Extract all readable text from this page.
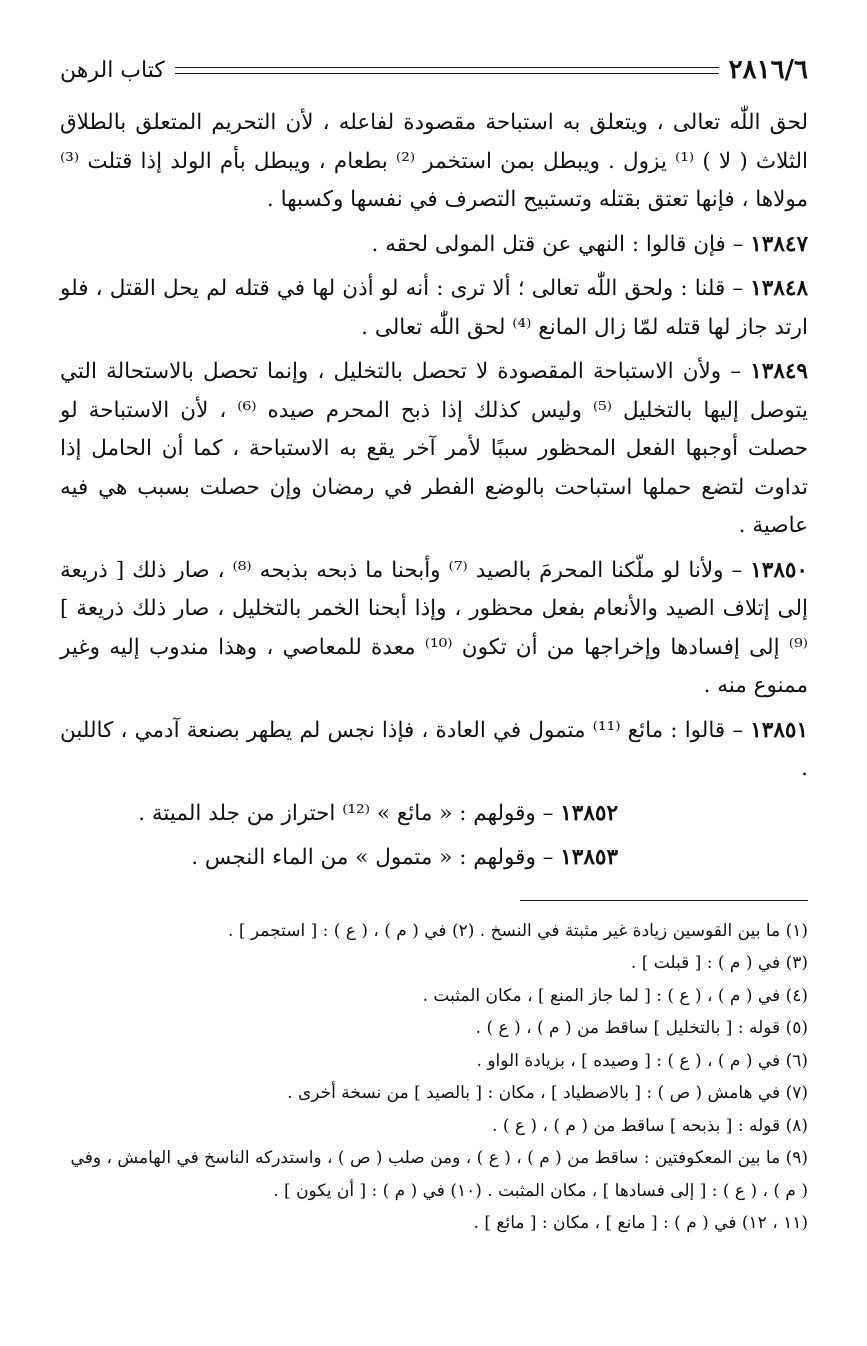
٢٨١٦/٦
كتاب الرهن

لحق اللّٰه تعالى ، ويتعلق به استباحة مقصودة لفاعله ، لأن التحريم المتعلق بالطلاق الثلاث ( لا ) ⁽¹⁾ يزول . ويبطل بمن استخمر ⁽²⁾ بطعام ، ويبطل بأم الولد إذا قتلت ⁽³⁾ مولاها ، فإنها تعتق بقتله وتستبيح التصرف في نفسها وكسبها .

١٣٨٤٧ – فإن قالوا : النهي عن قتل المولى لحقه .

١٣٨٤٨ – قلنا : ولحق اللّٰه تعالى ؛ ألا ترى : أنه لو أذن لها في قتله لم يحل القتل ، فلو ارتد جاز لها قتله لمّا زال المانع ⁽⁴⁾ لحق اللّٰه تعالى .

١٣٨٤٩ – ولأن الاستباحة المقصودة لا تحصل بالتخليل ، وإنما تحصل بالاستحالة التي يتوصل إليها بالتخليل ⁽⁵⁾ وليس كذلك إذا ذبح المحرم صيده ⁽⁶⁾ ، لأن الاستباحة لو حصلت أوجبها الفعل المحظور سببًا لأمر آخر يقع به الاستباحة ، كما أن الحامل إذا تداوت لتضع حملها استباحت بالوضع الفطر في رمضان وإن حصلت بسبب هي فيه عاصية .

١٣٨٥٠ – ولأنا لو ملّكنا المحرمَ بالصيد ⁽⁷⁾ وأبحنا ما ذبحه بذبحه ⁽⁸⁾ ، صار ذلك [ ذريعة إلى إتلاف الصيد والأنعام بفعل محظور ، وإذا أبحنا الخمر بالتخليل ، صار ذلك ذريعة ] ⁽⁹⁾ إلى إفسادها وإخراجها من أن تكون ⁽¹⁰⁾ معدة للمعاصي ، وهذا مندوب إليه وغير ممنوع منه .

١٣٨٥١ – قالوا : مائع ⁽¹¹⁾ متمول في العادة ، فإذا نجس لم يطهر بصنعة آدمي ، كاللبن .

١٣٨٥٢ – وقولهم : « مائع » ⁽¹²⁾ احتراز من جلد الميتة .

١٣٨٥٣ – وقولهم : « متمول » من الماء النجس .

(١) ما بين القوسين زيادة غير مثبتة في النسخ . (٢) في ( م ) ، ( ع ) : [ استجمر ] .
(٣) في ( م ) : [ قبلت ] .
(٤) في ( م ) ، ( ع ) : [ لما جاز المنع ] ، مكان المثبت .
(٥) قوله : [ بالتخليل ] ساقط من ( م ) ، ( ع ) .
(٦) في ( م ) ، ( ع ) : [ وصيده ] ، بزيادة الواو .
(٧) في هامش ( ص ) : [ بالاصطياد ] ، مكان : [ بالصيد ] من نسخة أخرى .
(٨) قوله : [ بذبحه ] ساقط من ( م ) ، ( ع ) .
(٩) ما بين المعكوفتين : ساقط من ( م ) ، ( ع ) ، ومن صلب ( ص ) ، واستدركه الناسخ في الهامش ، وفي
( م ) ، ( ع ) : [ إلى فسادها ] ، مكان المثبت . (١٠) في ( م ) : [ أن يكون ] .
(١١ ، ١٢) في ( م ) : [ مانع ] ، مكان : [ مائع ] .
